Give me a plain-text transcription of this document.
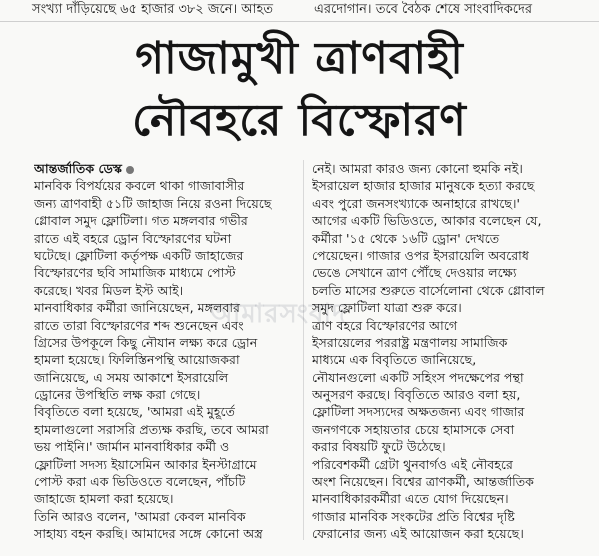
সংখ্যা দাঁড়িয়েছে ৬৫ হাজার ৩৮২ জনে। আহত	এরদোগান। তবে বৈঠক শেষে সাংবাদিকদের
গাজামুখী ত্রাণবাহী
নৌবহরে বিস্ফোরণ
আন্তর্জাতিক ডেস্ক
মানবিক বিপর্যয়ের কবলে থাকা গাজাবাসীর
জন্য ত্রাণবাহী ৫১টি জাহাজ নিয়ে রওনা দিয়েছে
গ্লোবাল সমুদ ফ্লোটিলা। গত মঙ্গলবার গভীর
রাতে এই বহরে ড্রোন বিস্ফোরণের ঘটনা
ঘটেছে। ফ্লোটিলা কর্তৃপক্ষ একটি জাহাজের
বিস্ফোরণের ছবি সামাজিক মাধ্যমে পোস্ট
করেছে। খবর মিডল ইস্ট আই।
মানবাধিকার কর্মীরা জানিয়েছেন, মঙ্গলবার
রাতে তারা বিস্ফোরণের শব্দ শুনেছেন এবং
গ্রিসের উপকূলে কিছু নৌযান লক্ষ্য করে ড্রোন
হামলা হয়েছে। ফিলিস্তিনপন্থি আয়োজকরা
জানিয়েছে, এ সময় আকাশে ইসরায়েলি
ড্রোনের উপস্থিতি লক্ষ করা গেছে।
বিবৃতিতে বলা হয়েছে, 'আমরা এই মুহূর্তে
হামলাগুলো সরাসরি প্রত্যক্ষ করছি, তবে আমরা
ভয় পাইনি।' জার্মান মানবাধিকার কর্মী ও
ফ্লোটিলা সদস্য ইয়াসেমিন আকার ইনস্টাগ্রামে
পোস্ট করা এক ভিডিওতে বলেছেন, পাঁচটি
জাহাজে হামলা করা হয়েছে।
তিনি আরও বলেন, 'আমরা কেবল মানবিক
সাহায্য বহন করছি। আমাদের সঙ্গে কোনো অস্ত্র
নেই। আমরা কারও জন্য কোনো হুমকি নই।
ইসরায়েল হাজার হাজার মানুষকে হত্যা করছে
এবং পুরো জনসংখ্যাকে অনাহারে রাখছে।'
আগের একটি ভিডিওতে, আকার বলেছেন যে,
কর্মীরা '১৫ থেকে ১৬টি ড্রোন' দেখতে
পেয়েছেন। গাজার ওপর ইসরায়েলি অবরোধ
ভেঙে সেখানে ত্রাণ পৌঁছে দেওয়ার লক্ষ্যে
চলতি মাসের শুরুতে বার্সেলোনা থেকে গ্লোবাল
সমুদ ফ্লোটিলা যাত্রা শুরু করে।
ত্রাণ বহরে বিস্ফোরণের আগে
ইসরায়েলের পররাষ্ট্র মন্ত্রণালয় সামাজিক
মাধ্যমে এক বিবৃতিতে জানিয়েছে,
নৌযানগুলো একটি সহিংস পদক্ষেপের পন্থা
অনুসরণ করছে। বিবৃতিতে আরও বলা হয়,
ফ্লোটিলা সদস্যদের অক্ষতজন্য এবং গাজার
জনগণকে সহায়তার চেয়ে হামাসকে সেবা
করার বিষয়টি ফুটে উঠেছে।
পরিবেশকর্মী গ্রেটা থুনবার্গও এই নৌবহরে
অংশ নিয়েছেন। বিশ্বের ত্রাণকর্মী, আন্তর্জাতিক
মানবাধিকারকর্মীরা এতে যোগ দিয়েছেন।
গাজার মানবিক সংকটের প্রতি বিশ্বের দৃষ্টি
ফেরানোর জন্য এই আয়োজন করা হয়েছে।
আমারসংবাদ
